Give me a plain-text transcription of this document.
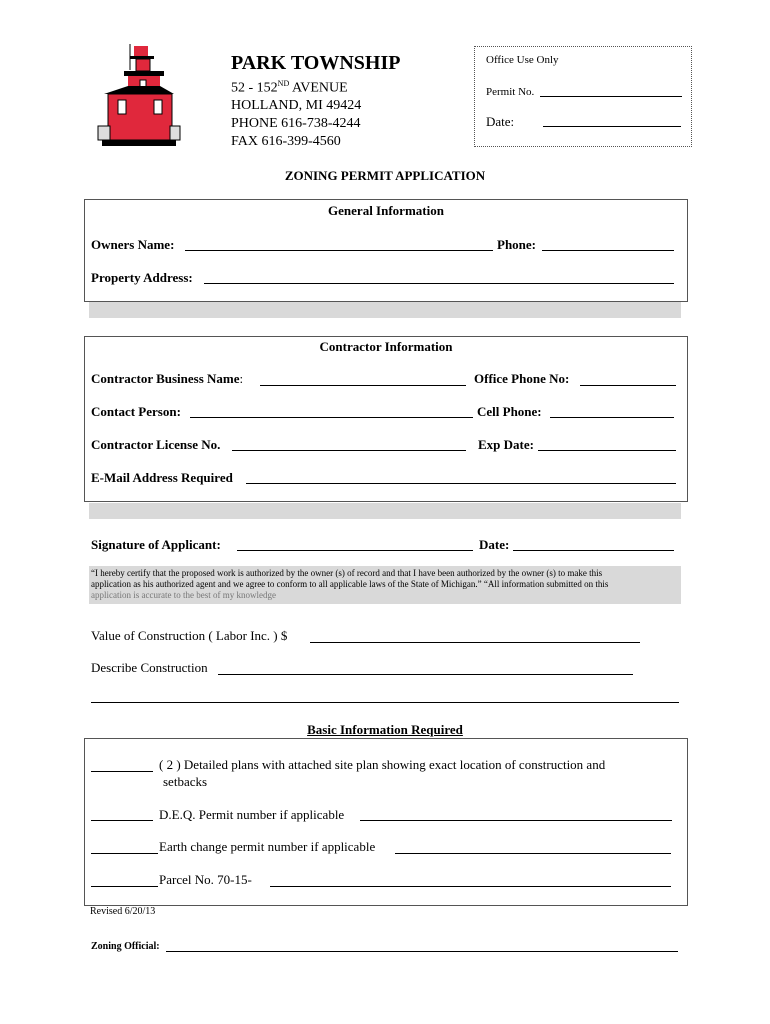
PARK TOWNSHIP
52 - 152ND AVENUE
HOLLAND, MI 49424
PHONE 616-738-4244
FAX 616-399-4560
Office Use Only
Permit No.
Date:
ZONING PERMIT APPLICATION
General Information
Owners Name:	Phone:
Property Address:
Contractor Information
Contractor Business Name:	Office Phone No:
Contact Person:	Cell Phone:
Contractor License No.	Exp Date:
E-Mail Address Required
Signature of Applicant:	Date:
“I hereby certify that the proposed work is authorized by the owner (s) of record and that I have been authorized by the owner (s) to make this
application as his authorized agent and we agree to conform to all applicable laws of the State of Michigan.” “All information submitted on this
application is accurate to the best of my knowledge
Value of Construction ( Labor Inc. ) $
Describe Construction
Basic Information Required
( 2 ) Detailed plans with attached site plan showing exact location of construction and
setbacks
D.E.Q. Permit number if applicable
Earth change permit number if applicable
Parcel No. 70-15-
Revised 6/20/13
Zoning Official:
